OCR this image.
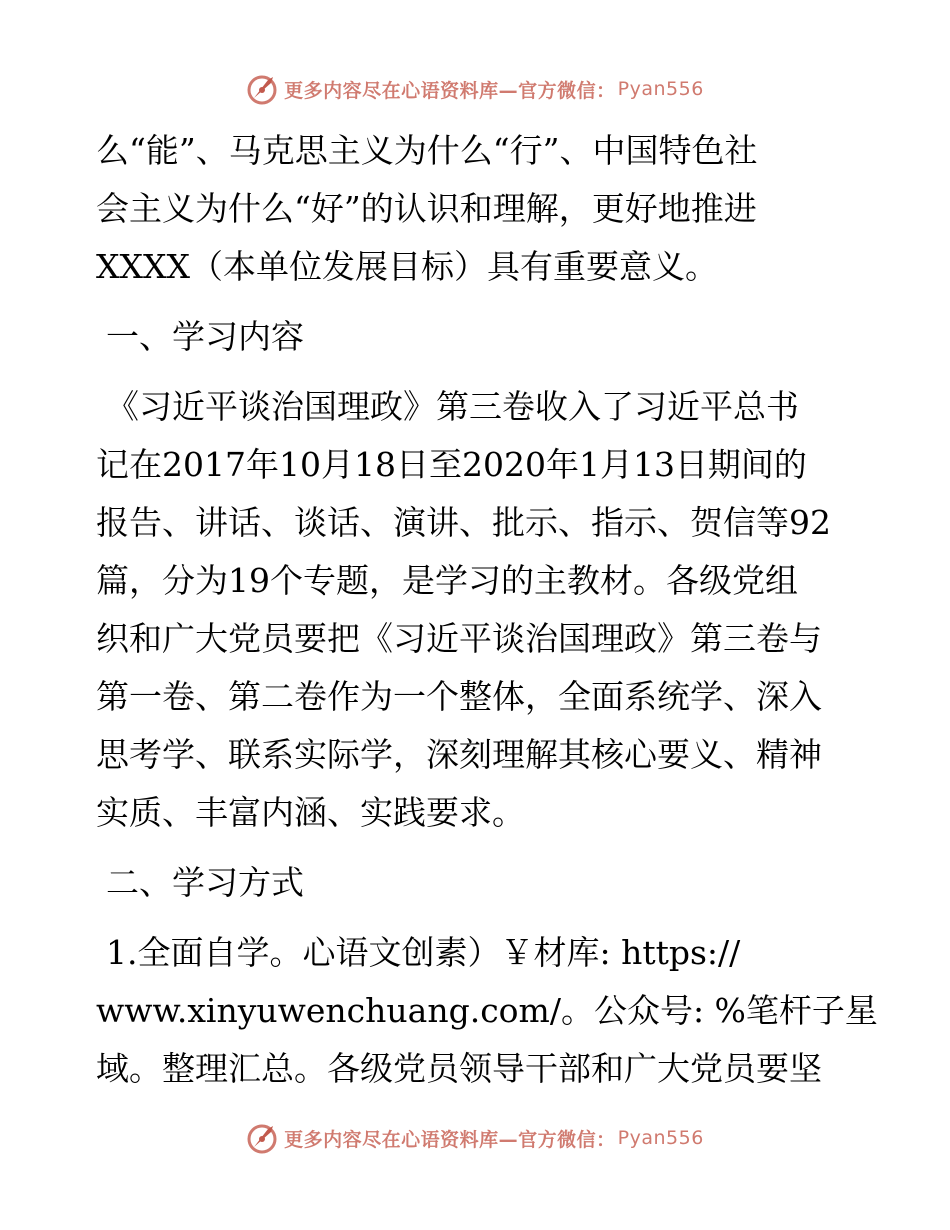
更多内容尽在心语资料库—官方微信： Pyan556

么“能”、马克思主义为什么“行”、中国特色社

会主义为什么“好”的认识和理解，更好地推进

XXXX（本单位发展目标）具有重要意义。

一、学习内容

《习近平谈治国理政》第三卷收入了习近平总书

记在2017年10月18日至2020年1月13日期间的

报告、讲话、谈话、演讲、批示、指示、贺信等92

篇，分为19个专题，是学习的主教材。各级党组

织和广大党员要把《习近平谈治国理政》第三卷与

第一卷、第二卷作为一个整体，全面系统学、深入

思考学、联系实际学，深刻理解其核心要义、精神

实质、丰富内涵、实践要求。

二、学习方式

1.全面自学。心语文创素）￥材库: https://

www.xinyuwenchuang.com/。公众号: %笔杆子星

域。整理汇总。各级党员领导干部和广大党员要坚

更多内容尽在心语资料库—官方微信： Pyan556
